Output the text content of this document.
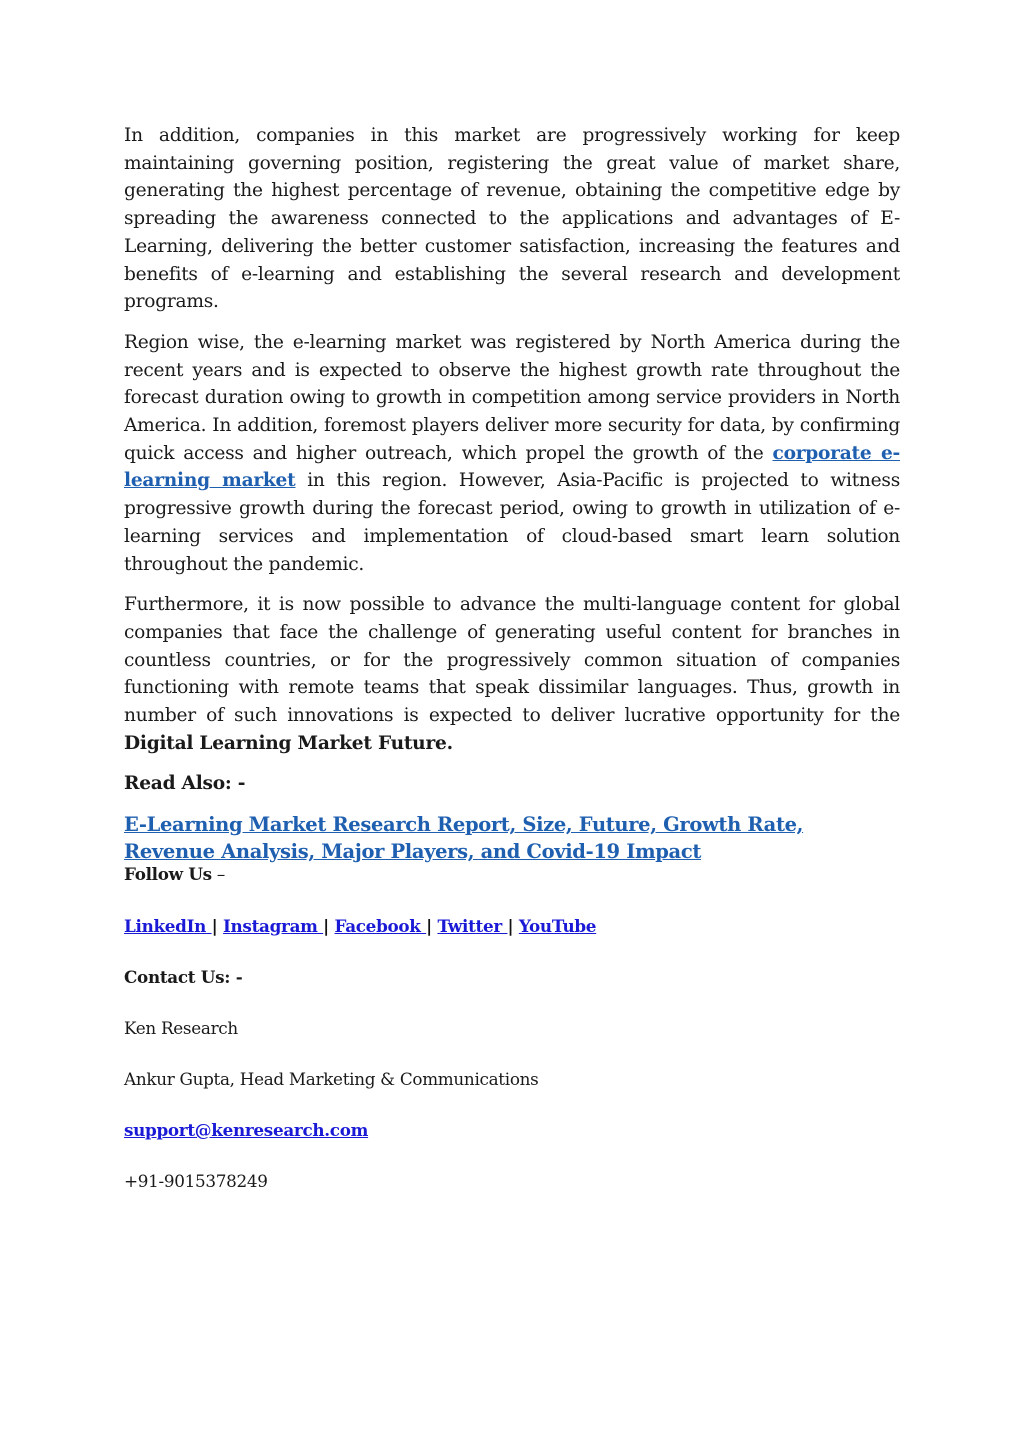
In addition, companies in this market are progressively working for keep maintaining governing position, registering the great value of market share, generating the highest percentage of revenue, obtaining the competitive edge by spreading the awareness connected to the applications and advantages of E-Learning, delivering the better customer satisfaction, increasing the features and benefits of e-learning and establishing the several research and development programs.

Region wise, the e-learning market was registered by North America during the recent years and is expected to observe the highest growth rate throughout the forecast duration owing to growth in competition among service providers in North America. In addition, foremost players deliver more security for data, by confirming quick access and higher outreach, which propel the growth of the corporate e-learning market in this region. However, Asia-Pacific is projected to witness progressive growth during the forecast period, owing to growth in utilization of e-learning services and implementation of cloud-based smart learn solution throughout the pandemic.

Furthermore, it is now possible to advance the multi-language content for global companies that face the challenge of generating useful content for branches in countless countries, or for the progressively common situation of companies functioning with remote teams that speak dissimilar languages. Thus, growth in number of such innovations is expected to deliver lucrative opportunity for the Digital Learning Market Future.

Read Also: -
E-Learning Market Research Report, Size, Future, Growth Rate, Revenue Analysis, Major Players, and Covid-19 Impact
Follow Us –
LinkedIn | Instagram | Facebook | Twitter | YouTube
Contact Us: -
Ken Research
Ankur Gupta, Head Marketing & Communications
support@kenresearch.com
+91-9015378249
